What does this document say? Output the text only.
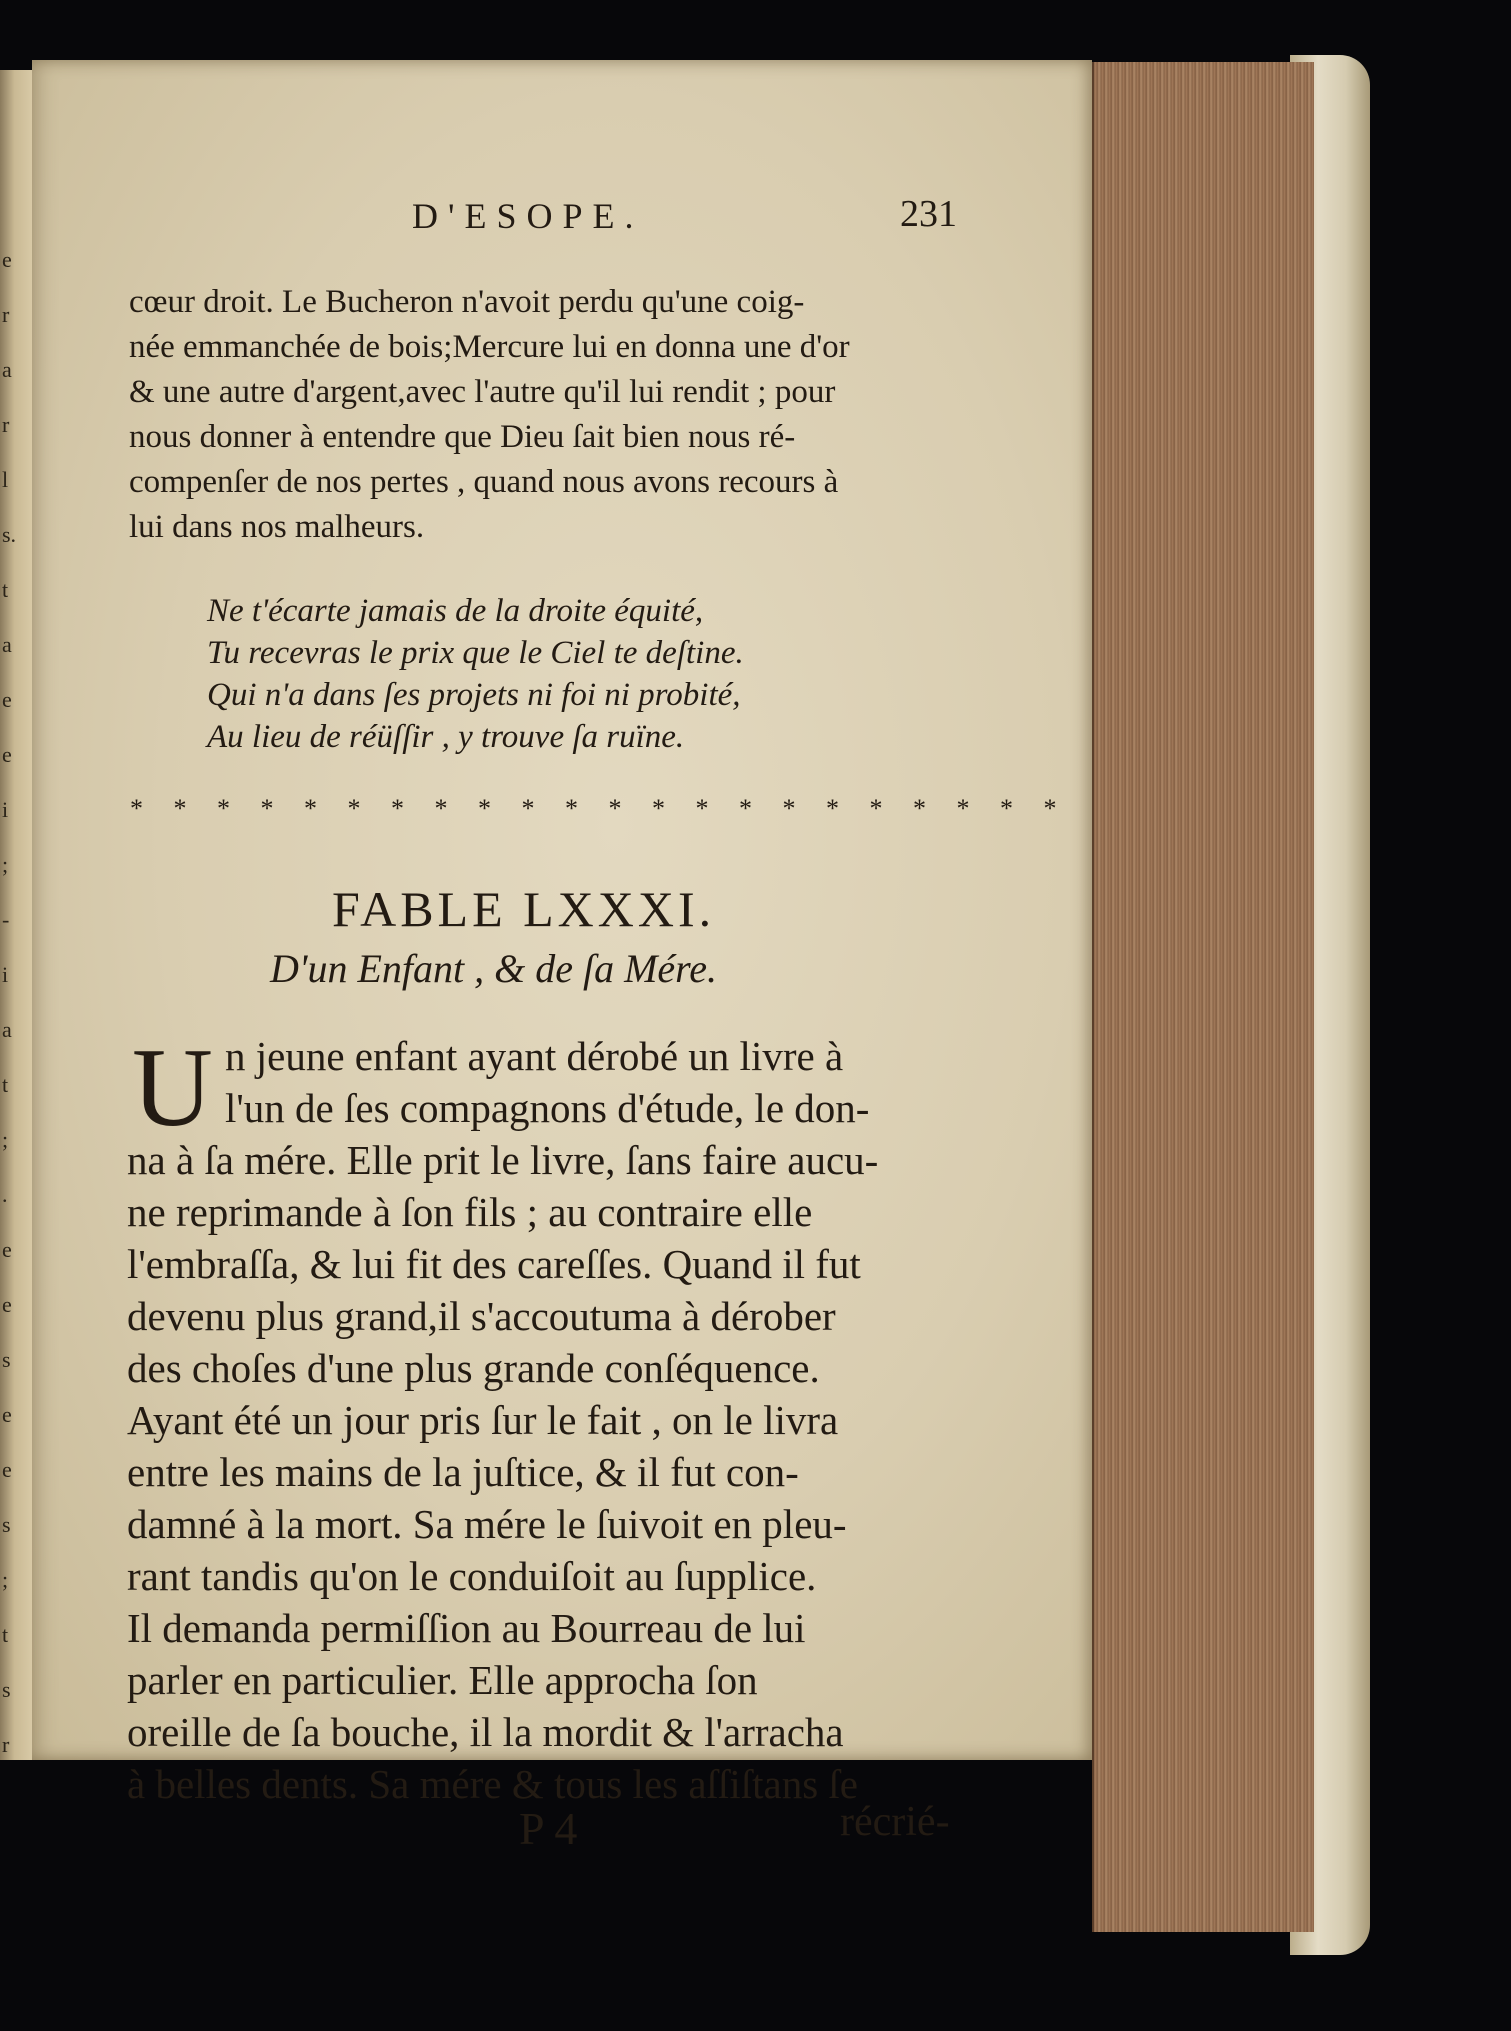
e
r
a
r
l
s.
t
a
e
e
i
;
-
i
a
t
;
.
e
e
s
e
e
s
;
t
s
r
D'ESOPE.	231
cœur droit. Le Bucheron n'avoit perdu qu'une coig-
née emmanchée de bois;Mercure lui en donna une d'or
& une autre d'argent,avec l'autre qu'il lui rendit ; pour
nous donner à entendre que Dieu ſait bien nous ré-
compenſer de nos pertes , quand nous avons recours à
lui dans nos malheurs.
Ne t'écarte jamais de la droite équité,
Tu recevras le prix que le Ciel te deſtine.
Qui n'a dans ſes projets ni foi ni probité,
Au lieu de réüſſir , y trouve ſa ruïne.
* * * * * * * * * * * * * * * * * * * * * *
FABLE LXXXI.
D'un Enfant , & de ſa Mére.
U n jeune enfant ayant dérobé un livre à
l'un de ſes compagnons d'étude, le don-
na à ſa mére. Elle prit le livre, ſans faire aucu-
ne reprimande à ſon fils ; au contraire elle
l'embraſſa, & lui fit des careſſes. Quand il fut
devenu plus grand,il s'accoutuma à dérober
des choſes d'une plus grande conſéquence.
Ayant été un jour pris ſur le fait , on le livra
entre les mains de la juſtice, & il fut con-
damné à la mort. Sa mére le ſuivoit en pleu-
rant tandis qu'on le conduiſoit au ſupplice.
Il demanda permiſſion au Bourreau de lui
parler en particulier. Elle approcha ſon
oreille de ſa bouche, il la mordit & l'arracha
à belles dents. Sa mére & tous les aſſiſtans ſe
P 4	récrié-
